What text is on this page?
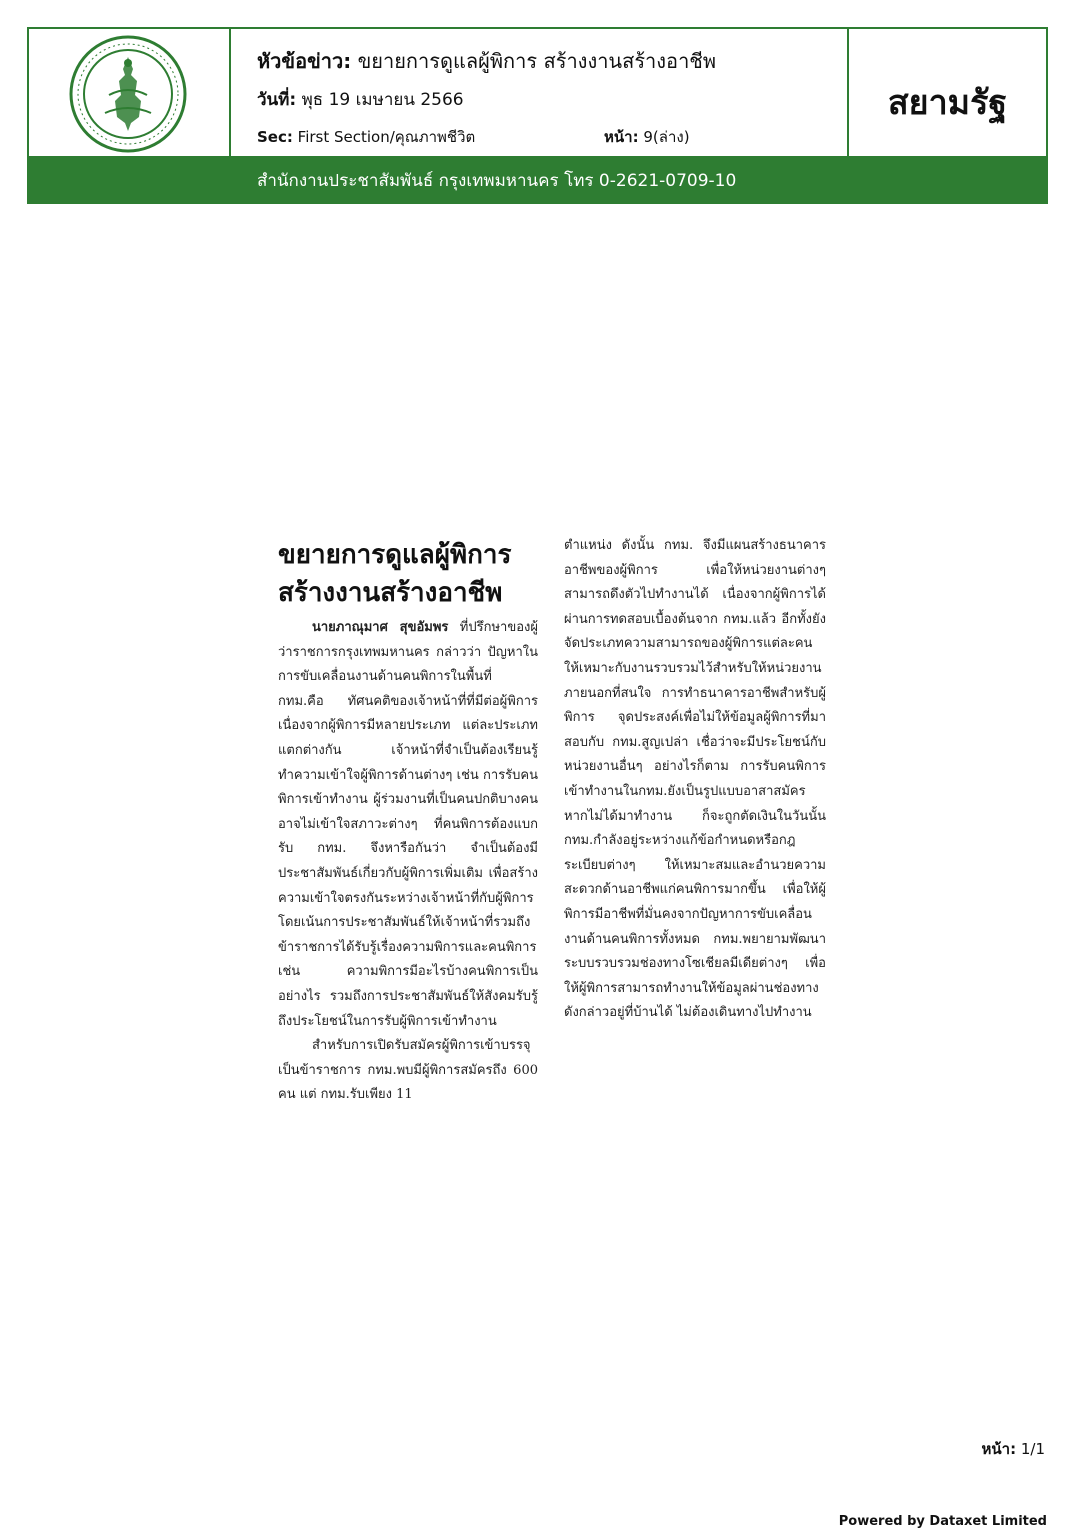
หัวข้อข่าว: ขยายการดูแลผู้พิการ สร้างงานสร้างอาชีพ
วันที่: พุธ 19 เมษายน 2566
Sec: First Section/คุณภาพชีวิต	หน้า: 9(ล่าง)
สยามรัฐ
สำนักงานประชาสัมพันธ์ กรุงเทพมหานคร โทร 0-2621-0709-10
ขยายการดูแลผู้พิการ
สร้างงานสร้างอาชีพ

นายภาณุมาศ สุขอัมพร ที่ปรึกษาของผู้ว่าราชการกรุงเทพมหานคร กล่าวว่า ปัญหาในการขับเคลื่อนงานด้านคนพิการในพื้นที่ กทม.คือ ทัศนคติของเจ้าหน้าที่ที่มีต่อผู้พิการ เนื่องจากผู้พิการมีหลายประเภท แต่ละประเภทแตกต่างกัน เจ้าหน้าที่จำเป็นต้องเรียนรู้ทำความเข้าใจผู้พิการด้านต่างๆ เช่น การรับคนพิการเข้าทำงาน ผู้ร่วมงานที่เป็นคนปกติบางคนอาจไม่เข้าใจสภาวะต่างๆ ที่คนพิการต้องแบกรับ กทม. จึงหารือกันว่า จำเป็นต้องมีประชาสัมพันธ์เกี่ยวกับผู้พิการเพิ่มเติม เพื่อสร้างความเข้าใจตรงกันระหว่างเจ้าหน้าที่กับผู้พิการ โดยเน้นการประชาสัมพันธ์ให้เจ้าหน้าที่รวมถึงข้าราชการได้รับรู้เรื่องความพิการและคนพิการเช่น ความพิการมีอะไรบ้างคนพิการเป็นอย่างไร รวมถึงการประชาสัมพันธ์ให้สังคมรับรู้ถึงประโยชน์ในการรับผู้พิการเข้าทำงาน

สำหรับการเปิดรับสมัครผู้พิการเข้าบรรจุเป็นข้าราชการ กทม.พบมีผู้พิการสมัครถึง 600 คน แต่ กทม.รับเพียง 11

ตำแหน่ง ดังนั้น กทม. จึงมีแผนสร้างธนาคารอาชีพของผู้พิการ เพื่อให้หน่วยงานต่างๆ สามารถดึงตัวไปทำงานได้ เนื่องจากผู้พิการได้ผ่านการทดสอบเบื้องต้นจาก กทม.แล้ว อีกทั้งยังจัดประเภทความสามารถของผู้พิการแต่ละคนให้เหมาะกับงานรวบรวมไว้สำหรับให้หน่วยงานภายนอกที่สนใจ การทำธนาคารอาชีพสำหรับผู้พิการ จุดประสงค์เพื่อไม่ให้ข้อมูลผู้พิการที่มาสอบกับ กทม.สูญเปล่า เชื่อว่าจะมีประโยชน์กับหน่วยงานอื่นๆ อย่างไรก็ตาม การรับคนพิการเข้าทำงานในกทม.ยังเป็นรูปแบบอาสาสมัคร หากไม่ได้มาทำงาน ก็จะถูกตัดเงินในวันนั้น กทม.กำลังอยู่ระหว่างแก้ข้อกำหนดหรือกฎระเบียบต่างๆ ให้เหมาะสมและอำนวยความสะดวกด้านอาชีพแก่คนพิการมากขึ้น เพื่อให้ผู้พิการมีอาชีพที่มั่นคงจากปัญหาการขับเคลื่อนงานด้านคนพิการทั้งหมด กทม.พยายามพัฒนาระบบรวบรวมช่องทางโซเชียลมีเดียต่างๆ เพื่อให้ผู้พิการสามารถทำงานให้ข้อมูลผ่านช่องทางดังกล่าวอยู่ที่บ้านได้ ไม่ต้องเดินทางไปทำงาน

หน้า: 1/1
Powered by Dataxet Limited
